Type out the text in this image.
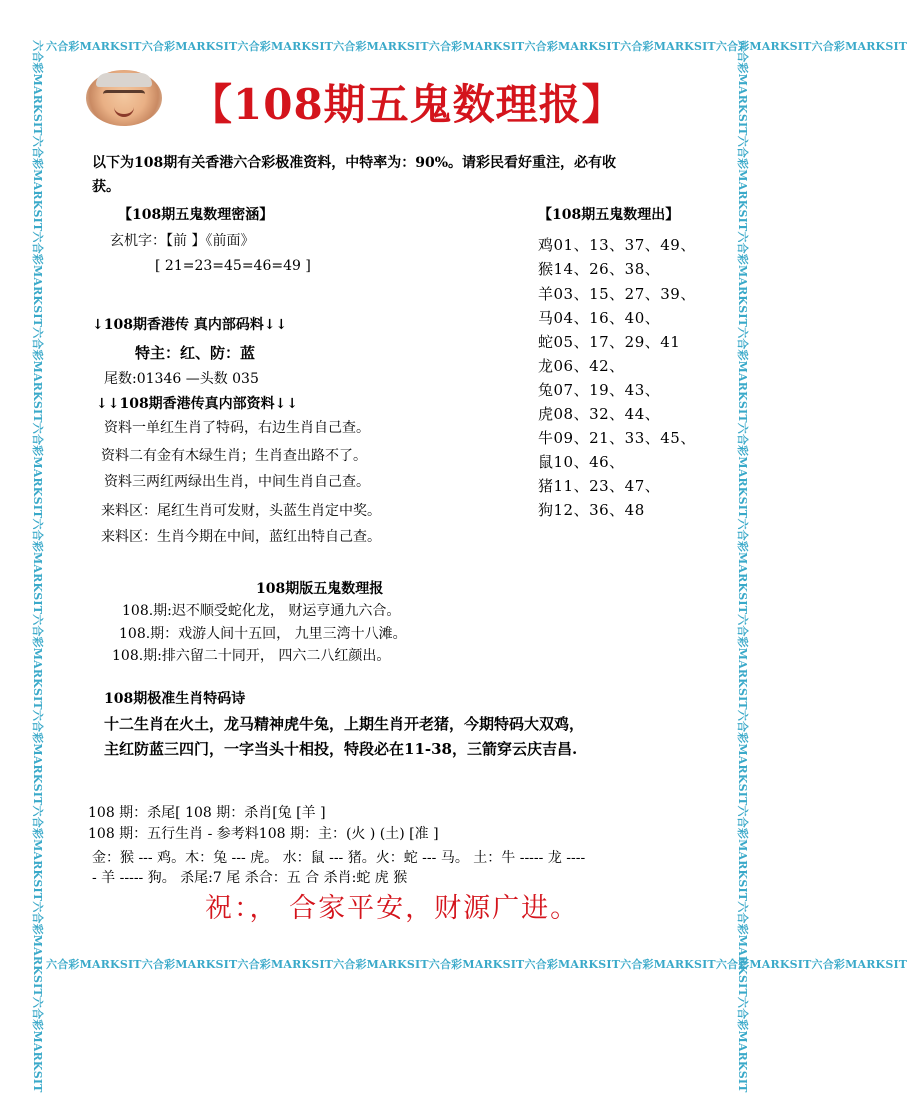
六合彩MARKSIT六合彩MARKSIT六合彩MARKSIT六合彩MARKSIT六合彩MARKSIT六合彩MARKSIT六合彩MARKSIT六合彩MARKSIT六合彩MARKSIT
六合彩MARKSIT六合彩MARKSIT六合彩MARKSIT六合彩MARKSIT六合彩MARKSIT六合彩MARKSIT六合彩MARKSIT六合彩MARKSIT六合彩MARKSIT
六合彩MARKSIT六合彩MARKSIT六合彩MARKSIT六合彩MARKSIT六合彩MARKSIT六合彩MARKSIT六合彩MARKSIT六合彩MARKSIT六合彩MARKSIT六合彩MARKSIT六合彩MARKSIT	六合彩MARKSIT六合彩MARKSIT六合彩MARKSIT六合彩MARKSIT六合彩MARKSIT六合彩MARKSIT六合彩MARKSIT六合彩MARKSIT六合彩MARKSIT六合彩MARKSIT六合彩MARKSIT
【108期五鬼数理报】
以下为108期有关香港六合彩极准资料，中特率为：90%。请彩民看好重注，必有收
获。
【108期五鬼数理密涵】
玄机字：【前 】《前面》
[ 21=23=45=46=49 ]
↓108期香港传 真内部码料↓↓
特主：红、防：蓝
尾数:01346 —头数 035
↓↓108期香港传真内部资料↓↓
资料一单红生肖了特码，右边生肖自己查。
资料二有金有木绿生肖；生肖查出路不了。
资料三两红两绿出生肖，中间生肖自己查。
来料区：尾红生肖可发财，头蓝生肖定中奖。
来料区：生肖今期在中间，蓝红出特自己查。
【108期五鬼数理出】
鸡01、13、37、49、
猴14、26、38、
羊03、15、27、39、
马04、16、40、
蛇05、17、29、41
龙06、42、
兔07、19、43、
虎08、32、44、
牛09、21、33、45、
鼠10、46、
猪11、23、47、
狗12、36、48
108期版五鬼数理报
108.期:迟不顺受蛇化龙， 财运亨通九六合。
108.期：戏游人间十五回， 九里三湾十八滩。
108.期:排六留二十同开， 四六二八红颜出。
108期极准生肖特码诗
十二生肖在火土，龙马精神虎牛兔，上期生肖开老猪，今期特码大双鸡，
主红防蓝三四门，一字当头十相投，特段必在11-38，三箭穿云庆吉昌.
108 期：杀尾[ 108 期：杀肖[兔 [羊 ]
108 期：五行生肖 - 参考料108 期：主：(火 ) (土) [准 ]
金：猴 --- 鸡。木：兔 --- 虎。 水：鼠 --- 猪。火：蛇 --- 马。 土：牛 ----- 龙 ----
- 羊 ----- 狗。 杀尾:7 尾 杀合：五 合 杀肖:蛇 虎 猴
祝：， 合家平安，财源广进。
